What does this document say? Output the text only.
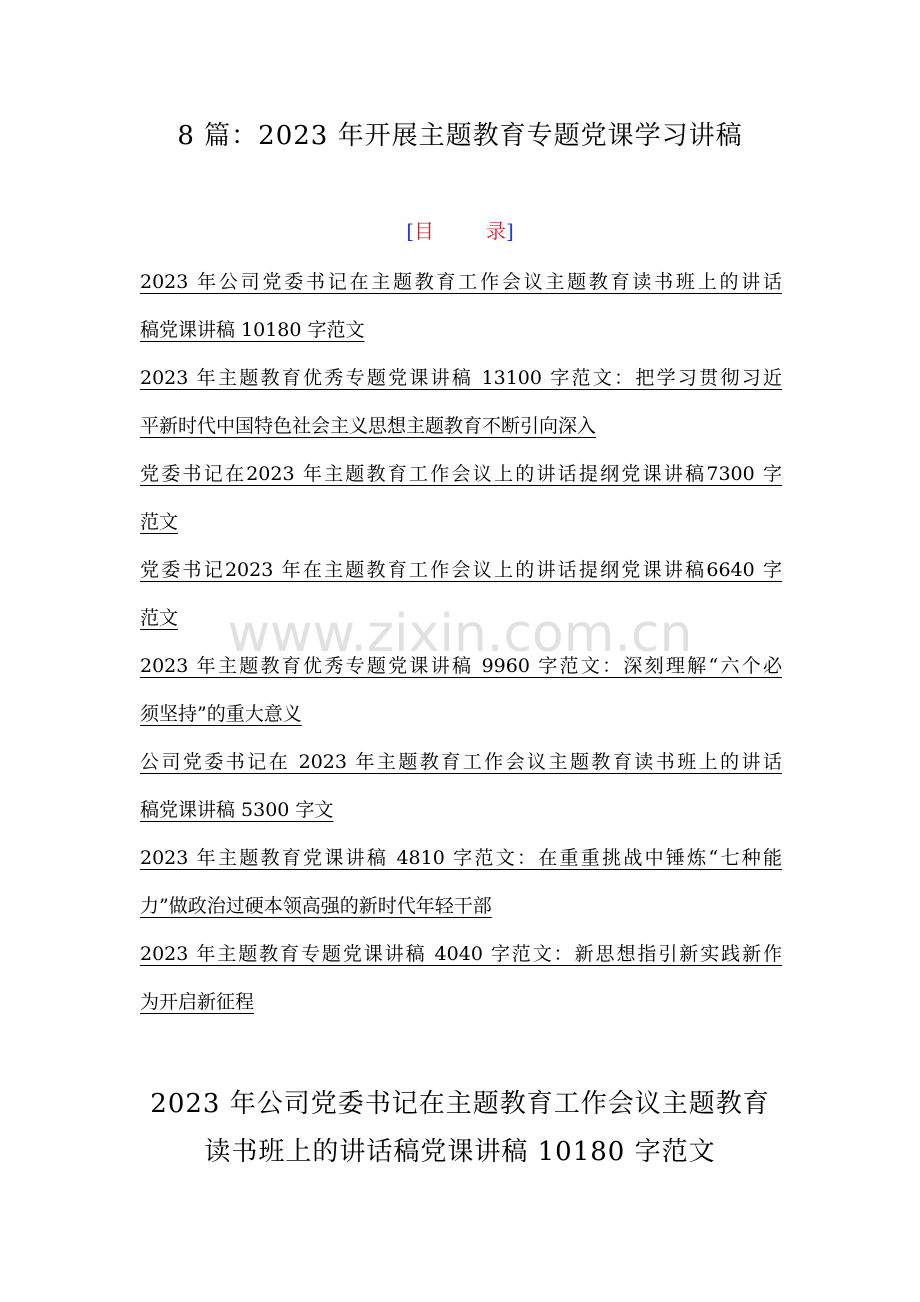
8 篇：2023 年开展主题教育专题党课学习讲稿
[目	录]
www.zixin.com.cn
2023 年公司党委书记在主题教育工作会议主题教育读书班上的讲话
稿党课讲稿 10180 字范文
2023 年主题教育优秀专题党课讲稿 13100 字范文：把学习贯彻习近
平新时代中国特色社会主义思想主题教育不断引向深入
党委书记在2023 年主题教育工作会议上的讲话提纲党课讲稿7300 字
范文
党委书记2023 年在主题教育工作会议上的讲话提纲党课讲稿6640 字
范文
2023 年主题教育优秀专题党课讲稿 9960 字范文：深刻理解“六个必
须坚持”的重大意义
公司党委书记在 2023 年主题教育工作会议主题教育读书班上的讲话
稿党课讲稿 5300 字文
2023 年主题教育党课讲稿 4810 字范文：在重重挑战中锤炼“七种能
力”做政治过硬本领高强的新时代年轻干部
2023 年主题教育专题党课讲稿 4040 字范文：新思想指引新实践新作
为开启新征程
2023 年公司党委书记在主题教育工作会议主题教育
读书班上的讲话稿党课讲稿 10180 字范文
